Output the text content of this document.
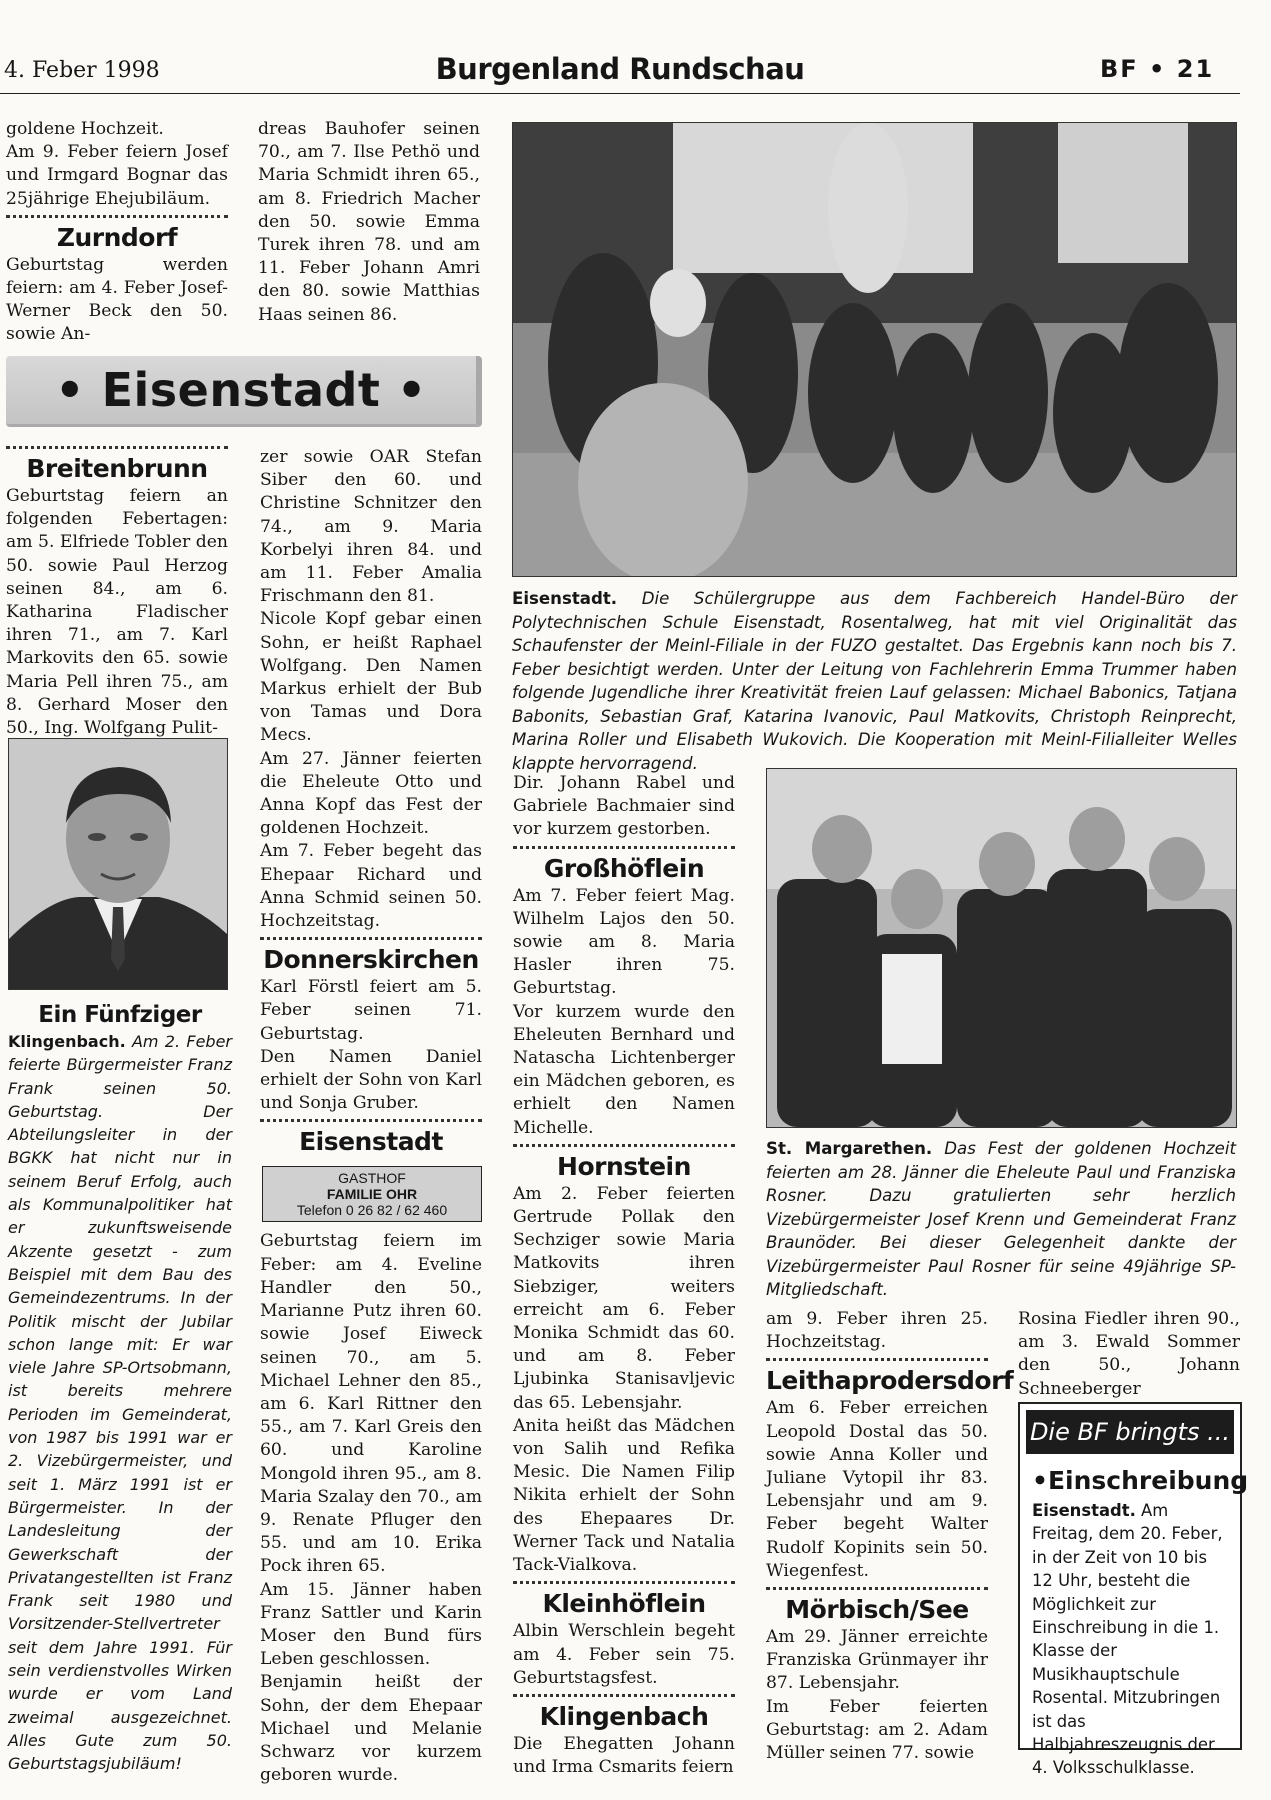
4. Feber 1998	Burgenland Rundschau	BF • 21

goldene Hochzeit.

Am 9. Feber feiern Josef und Irmgard Bognar das 25jährige Ehejubiläum.

Zurndorf

Geburtstag werden feiern: am 4. Feber Josef-Werner Beck den 50. sowie An-

dreas Bauhofer seinen 70., am 7. Ilse Pethö und Maria Schmidt ihren 65., am 8. Friedrich Macher den 50. sowie Emma Turek ihren 78. und am 11. Feber Johann Amri den 80. sowie Matthias Haas seinen 86.

• Eisenstadt •
Breitenbrunn

Geburtstag feiern an folgenden Febertagen: am 5. Elfriede Tobler den 50. sowie Paul Herzog seinen 84., am 6. Katharina Fladischer ihren 71., am 7. Karl Markovits den 65. sowie Maria Pell ihren 75., am 8. Gerhard Moser den 50., Ing. Wolfgang Pulit-

Ein Fünfziger
Klingenbach. Am 2. Feber feierte Bürgermeister Franz Frank seinen 50. Geburtstag. Der Abteilungsleiter in der BGKK hat nicht nur in seinem Beruf Erfolg, auch als Kommunalpolitiker hat er zukunftsweisende Akzente gesetzt - zum Beispiel mit dem Bau des Gemeindezentrums. In der Politik mischt der Jubilar schon lange mit: Er war viele Jahre SP-Ortsobmann, ist bereits mehrere Perioden im Gemeinderat, von 1987 bis 1991 war er 2. Vizebürgermeister, und seit 1. März 1991 ist er Bürgermeister. In der Landesleitung der Gewerkschaft der Privatangestellten ist Franz Frank seit 1980 und Vorsitzender-Stellvertreter seit dem Jahre 1991. Für sein verdienstvolles Wirken wurde er vom Land zweimal ausgezeichnet. Alles Gute zum 50. Geburtstagsjubiläum!

zer sowie OAR Stefan Siber den 60. und Christine Schnitzer den 74., am 9. Maria Korbelyi ihren 84. und am 11. Feber Amalia Frischmann den 81.

Nicole Kopf gebar einen Sohn, er heißt Raphael Wolfgang. Den Namen Markus erhielt der Bub von Tamas und Dora Mecs.

Am 27. Jänner feierten die Eheleute Otto und Anna Kopf das Fest der goldenen Hochzeit.

Am 7. Feber begeht das Ehepaar Richard und Anna Schmid seinen 50. Hochzeitstag.

Donnerskirchen

Karl Förstl feiert am 5. Feber seinen 71. Geburtstag.

Den Namen Daniel erhielt der Sohn von Karl und Sonja Gruber.

Eisenstadt
GASTHOF
FAMILIE OHR
Telefon 0 26 82 / 62 460

Geburtstag feiern im Feber: am 4. Eveline Handler den 50., Marianne Putz ihren 60. sowie Josef Eiweck seinen 70., am 5. Michael Lehner den 85., am 6. Karl Rittner den 55., am 7. Karl Greis den 60. und Karoline Mongold ihren 95., am 8. Maria Szalay den 70., am 9. Renate Pfluger den 55. und am 10. Erika Pock ihren 65.

Am 15. Jänner haben Franz Sattler und Karin Moser den Bund fürs Leben geschlossen.

Benjamin heißt der Sohn, der dem Ehepaar Michael und Melanie Schwarz vor kurzem geboren wurde.

Eisenstadt. Die Schülergruppe aus dem Fachbereich Handel-Büro der Polytechnischen Schule Eisenstadt, Rosentalweg, hat mit viel Originalität das Schaufenster der Meinl-Filiale in der FUZO gestaltet. Das Ergebnis kann noch bis 7. Feber besichtigt werden. Unter der Leitung von Fachlehrerin Emma Trummer haben folgende Jugendliche ihrer Kreativität freien Lauf gelassen: Michael Babonics, Tatjana Babonits, Sebastian Graf, Katarina Ivanovic, Paul Matkovits, Christoph Reinprecht, Marina Roller und Elisabeth Wukovich. Die Kooperation mit Meinl-Filialleiter Welles klappte hervorragend.

Dir. Johann Rabel und Gabriele Bachmaier sind vor kurzem gestorben.

Großhöflein

Am 7. Feber feiert Mag. Wilhelm Lajos den 50. sowie am 8. Maria Hasler ihren 75. Geburtstag.

Vor kurzem wurde den Eheleuten Bernhard und Natascha Lichtenberger ein Mädchen geboren, es erhielt den Namen Michelle.

Hornstein

Am 2. Feber feierten Gertrude Pollak den Sechziger sowie Maria Matkovits ihren Siebziger, weiters erreicht am 6. Feber Monika Schmidt das 60. und am 8. Feber Ljubinka Stanisavljevic das 65. Lebensjahr.

Anita heißt das Mädchen von Salih und Refika Mesic. Die Namen Filip Nikita erhielt der Sohn des Ehepaares Dr. Werner Tack und Natalia Tack-Vialkova.

Kleinhöflein

Albin Werschlein begeht am 4. Feber sein 75. Geburtstagsfest.

Klingenbach

Die Ehegatten Johann und Irma Csmarits feiern

St. Margarethen. Das Fest der goldenen Hochzeit feierten am 28. Jänner die Eheleute Paul und Franziska Rosner. Dazu gratulierten sehr herzlich Vizebürgermeister Josef Krenn und Gemeinderat Franz Braunöder. Bei dieser Gelegenheit dankte der Vizebürgermeister Paul Rosner für seine 49jährige SP-Mitgliedschaft.

am 9. Feber ihren 25. Hochzeitstag.

Leithaprodersdorf

Am 6. Feber erreichen Leopold Dostal das 50. sowie Anna Koller und Juliane Vytopil ihr 83. Lebensjahr und am 9. Feber begeht Walter Rudolf Kopinits sein 50. Wiegenfest.

Mörbisch/See

Am 29. Jänner erreichte Franziska Grünmayer ihr 87. Lebensjahr.

Im Feber feierten Geburtstag: am 2. Adam Müller seinen 77. sowie

Rosina Fiedler ihren 90., am 3. Ewald Sommer den 50., Johann Schneeberger

Die BF bringts ...
•Einschreibung
Eisenstadt. Am Freitag, dem 20. Feber, in der Zeit von 10 bis 12 Uhr, besteht die Möglichkeit zur Einschreibung in die 1. Klasse der Musikhauptschule Rosental. Mitzubringen ist das Halbjahreszeugnis der 4. Volksschulklasse.
